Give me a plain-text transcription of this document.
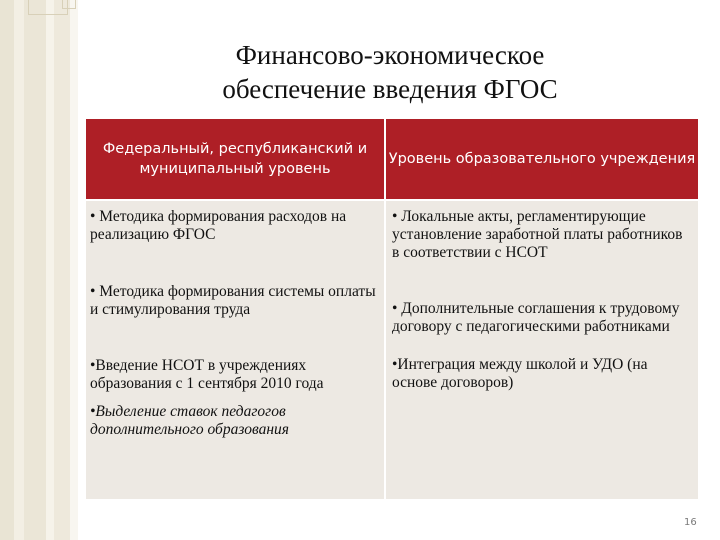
Финансово-экономическое
обеспечение введения ФГОС
Федеральный, республиканский и муниципальный уровень
Уровень образовательного учреждения
• Методика формирования расходов на реализацию ФГОС
• Методика формирования системы оплаты и стимулирования труда
•Введение НСОТ в учреждениях образования с 1 сентября 2010 года
•Выделение ставок педагогов дополнительного образования
• Локальные акты, регламентирующие установление заработной платы работников в соответствии с НСОТ
• Дополнительные соглашения к трудовому договору с педагогическими работниками
•Интеграция между школой и УДО (на основе договоров)
16
